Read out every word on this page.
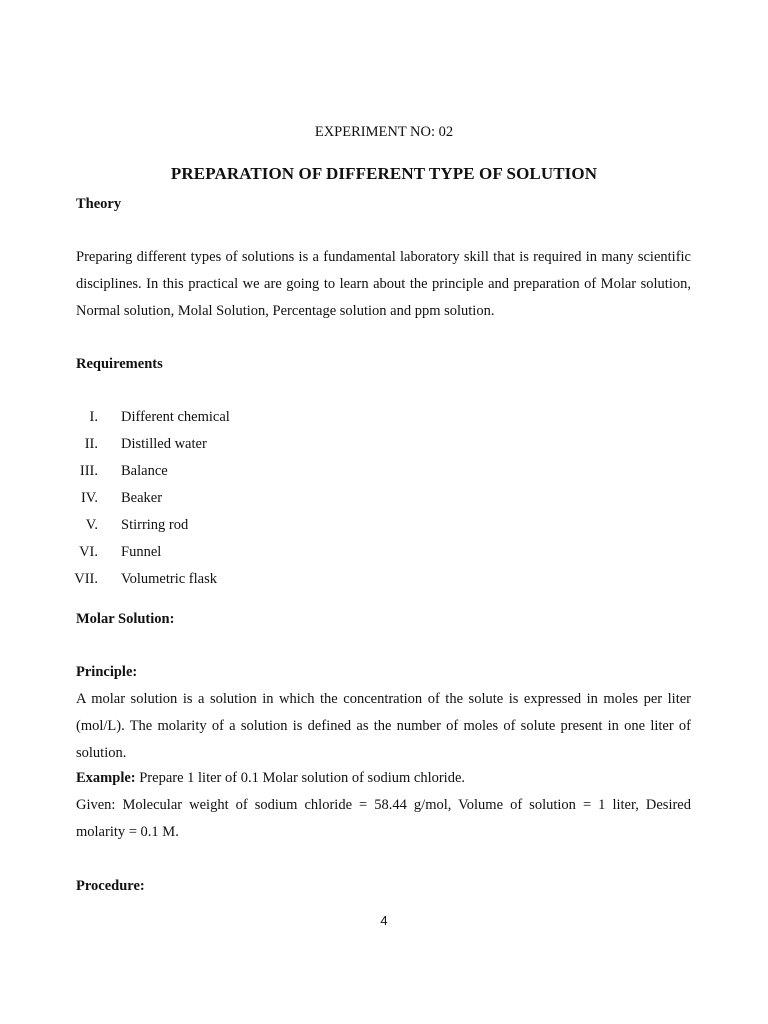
EXPERIMENT NO: 02

PREPARATION OF DIFFERENT TYPE OF SOLUTION

Theory

Preparing different types of solutions is a fundamental laboratory skill that is required in many scientific disciplines. In this practical we are going to learn about the principle and preparation of Molar solution, Normal solution, Molal Solution, Percentage solution and ppm solution.

Requirements

I. Different chemical
II. Distilled water
III. Balance
IV. Beaker
V. Stirring rod
VI. Funnel
VII. Volumetric flask

Molar Solution:

Principle:

A molar solution is a solution in which the concentration of the solute is expressed in moles per liter (mol/L). The molarity of a solution is defined as the number of moles of solute present in one liter of solution.

Example: Prepare 1 liter of 0.1 Molar solution of sodium chloride.

Given: Molecular weight of sodium chloride = 58.44 g/mol, Volume of solution = 1 liter, Desired molarity = 0.1 M.

Procedure:

4
